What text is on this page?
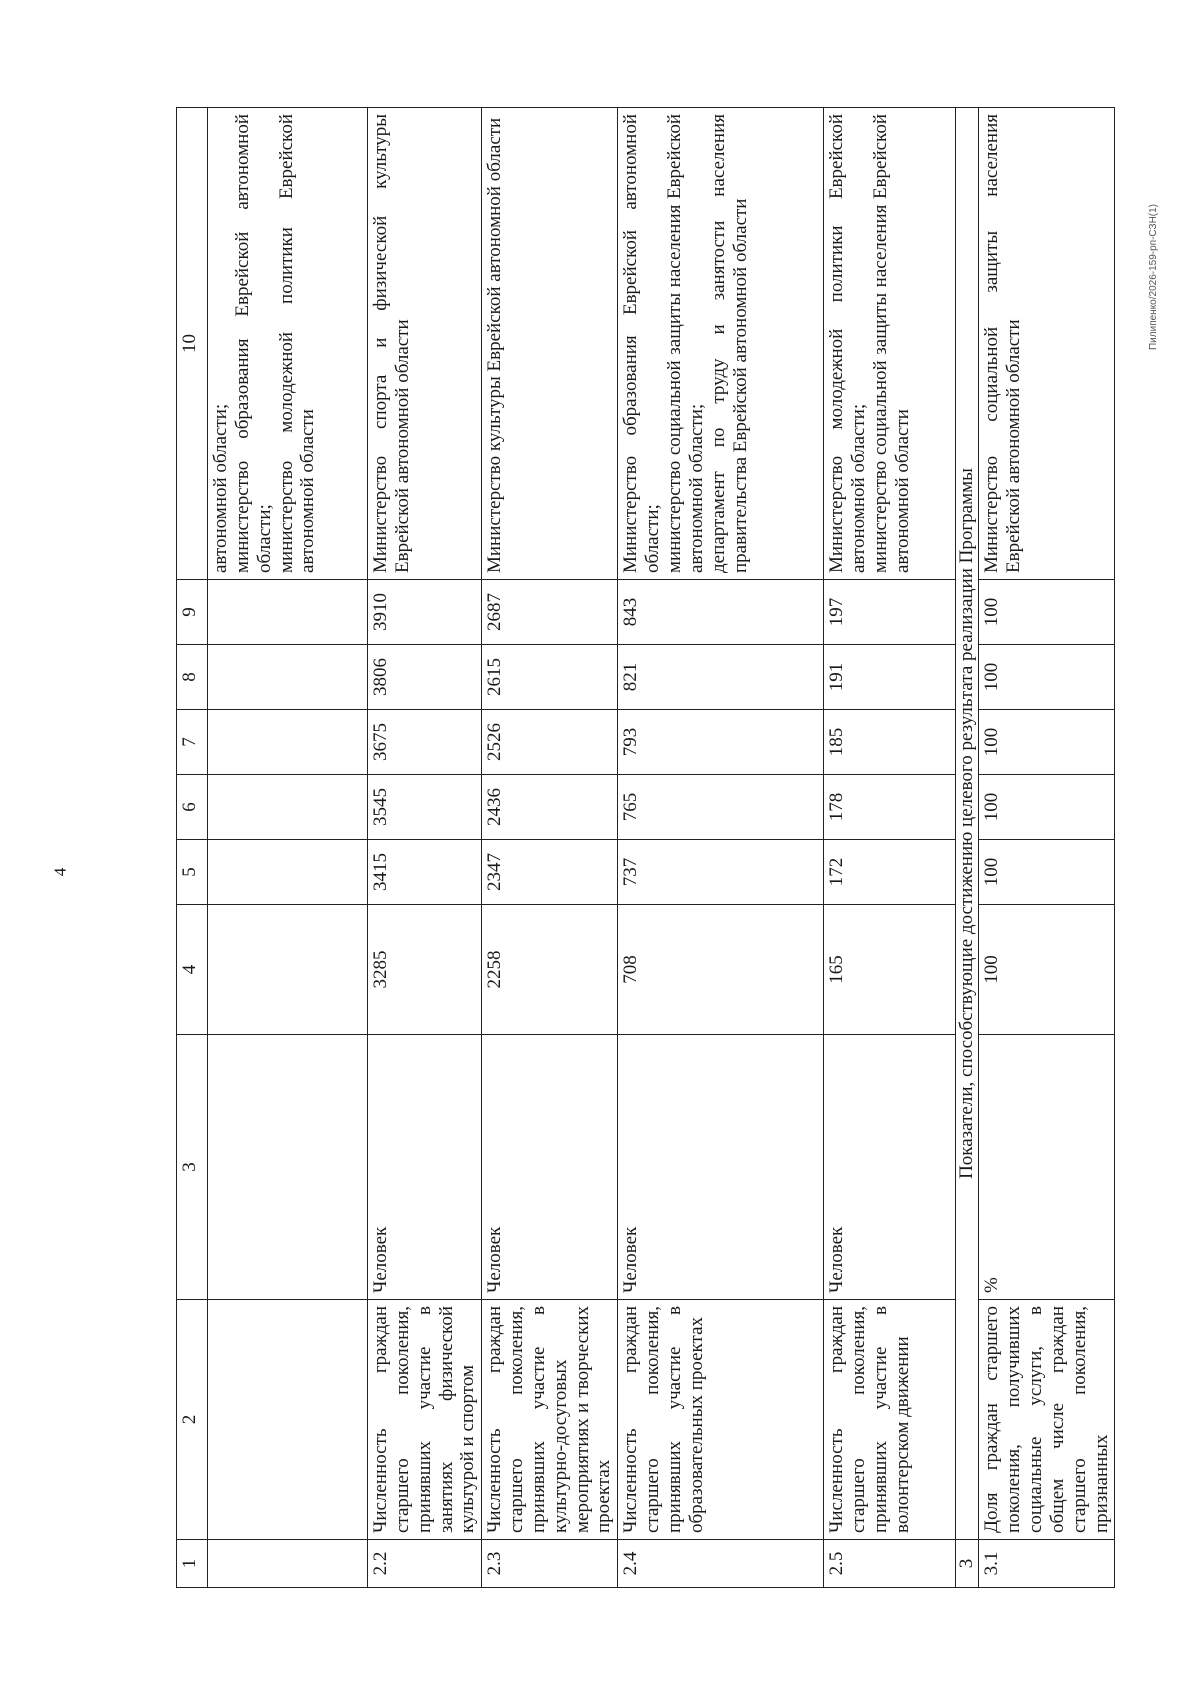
4
Пилипенко/2026-159-рп-СЗН(1)
1	2	3	4	5	6	7	8	9	10

									автономной области; министерство образования Еврейской автономной области; министерство молодежной политики Еврейской автономной области

2.2	Численность граждан старшего поколения, принявших участие в занятиях физической культурой и спортом	Человек	3285	3415	3545	3675	3806	3910	Министерство спорта и физической культуры Еврейской автономной области

2.3	Численность граждан старшего поколения, принявших участие в культурно-досуговых мероприятиях и творческих проектах	Человек	2258	2347	2436	2526	2615	2687	Министерство культуры Еврейской автономной области

2.4	Численность граждан старшего поколения, принявших участие в образовательных проектах	Человек	708	737	765	793	821	843	Министерство образования Еврейской автономной области; министерство социальной защиты населения Еврейской автономной области; департамент по труду и занятости населения правительства Еврейской автономной области

2.5	Численность граждан старшего поколения, принявших участие в волонтерском движении	Человек	165	172	178	185	191	197	Министерство молодежной политики Еврейской автономной области; министерство социальной защиты населения Еврейской автономной области

3	Показатели, способствующие достижению целевого результата реализации Программы								
3.1	Доля граждан старшего поколения, получивших социальные услуги, в общем числе граждан старшего поколения, признанных	%	100	100	100	100	100	100	Министерство социальной защиты населения Еврейской автономной области
